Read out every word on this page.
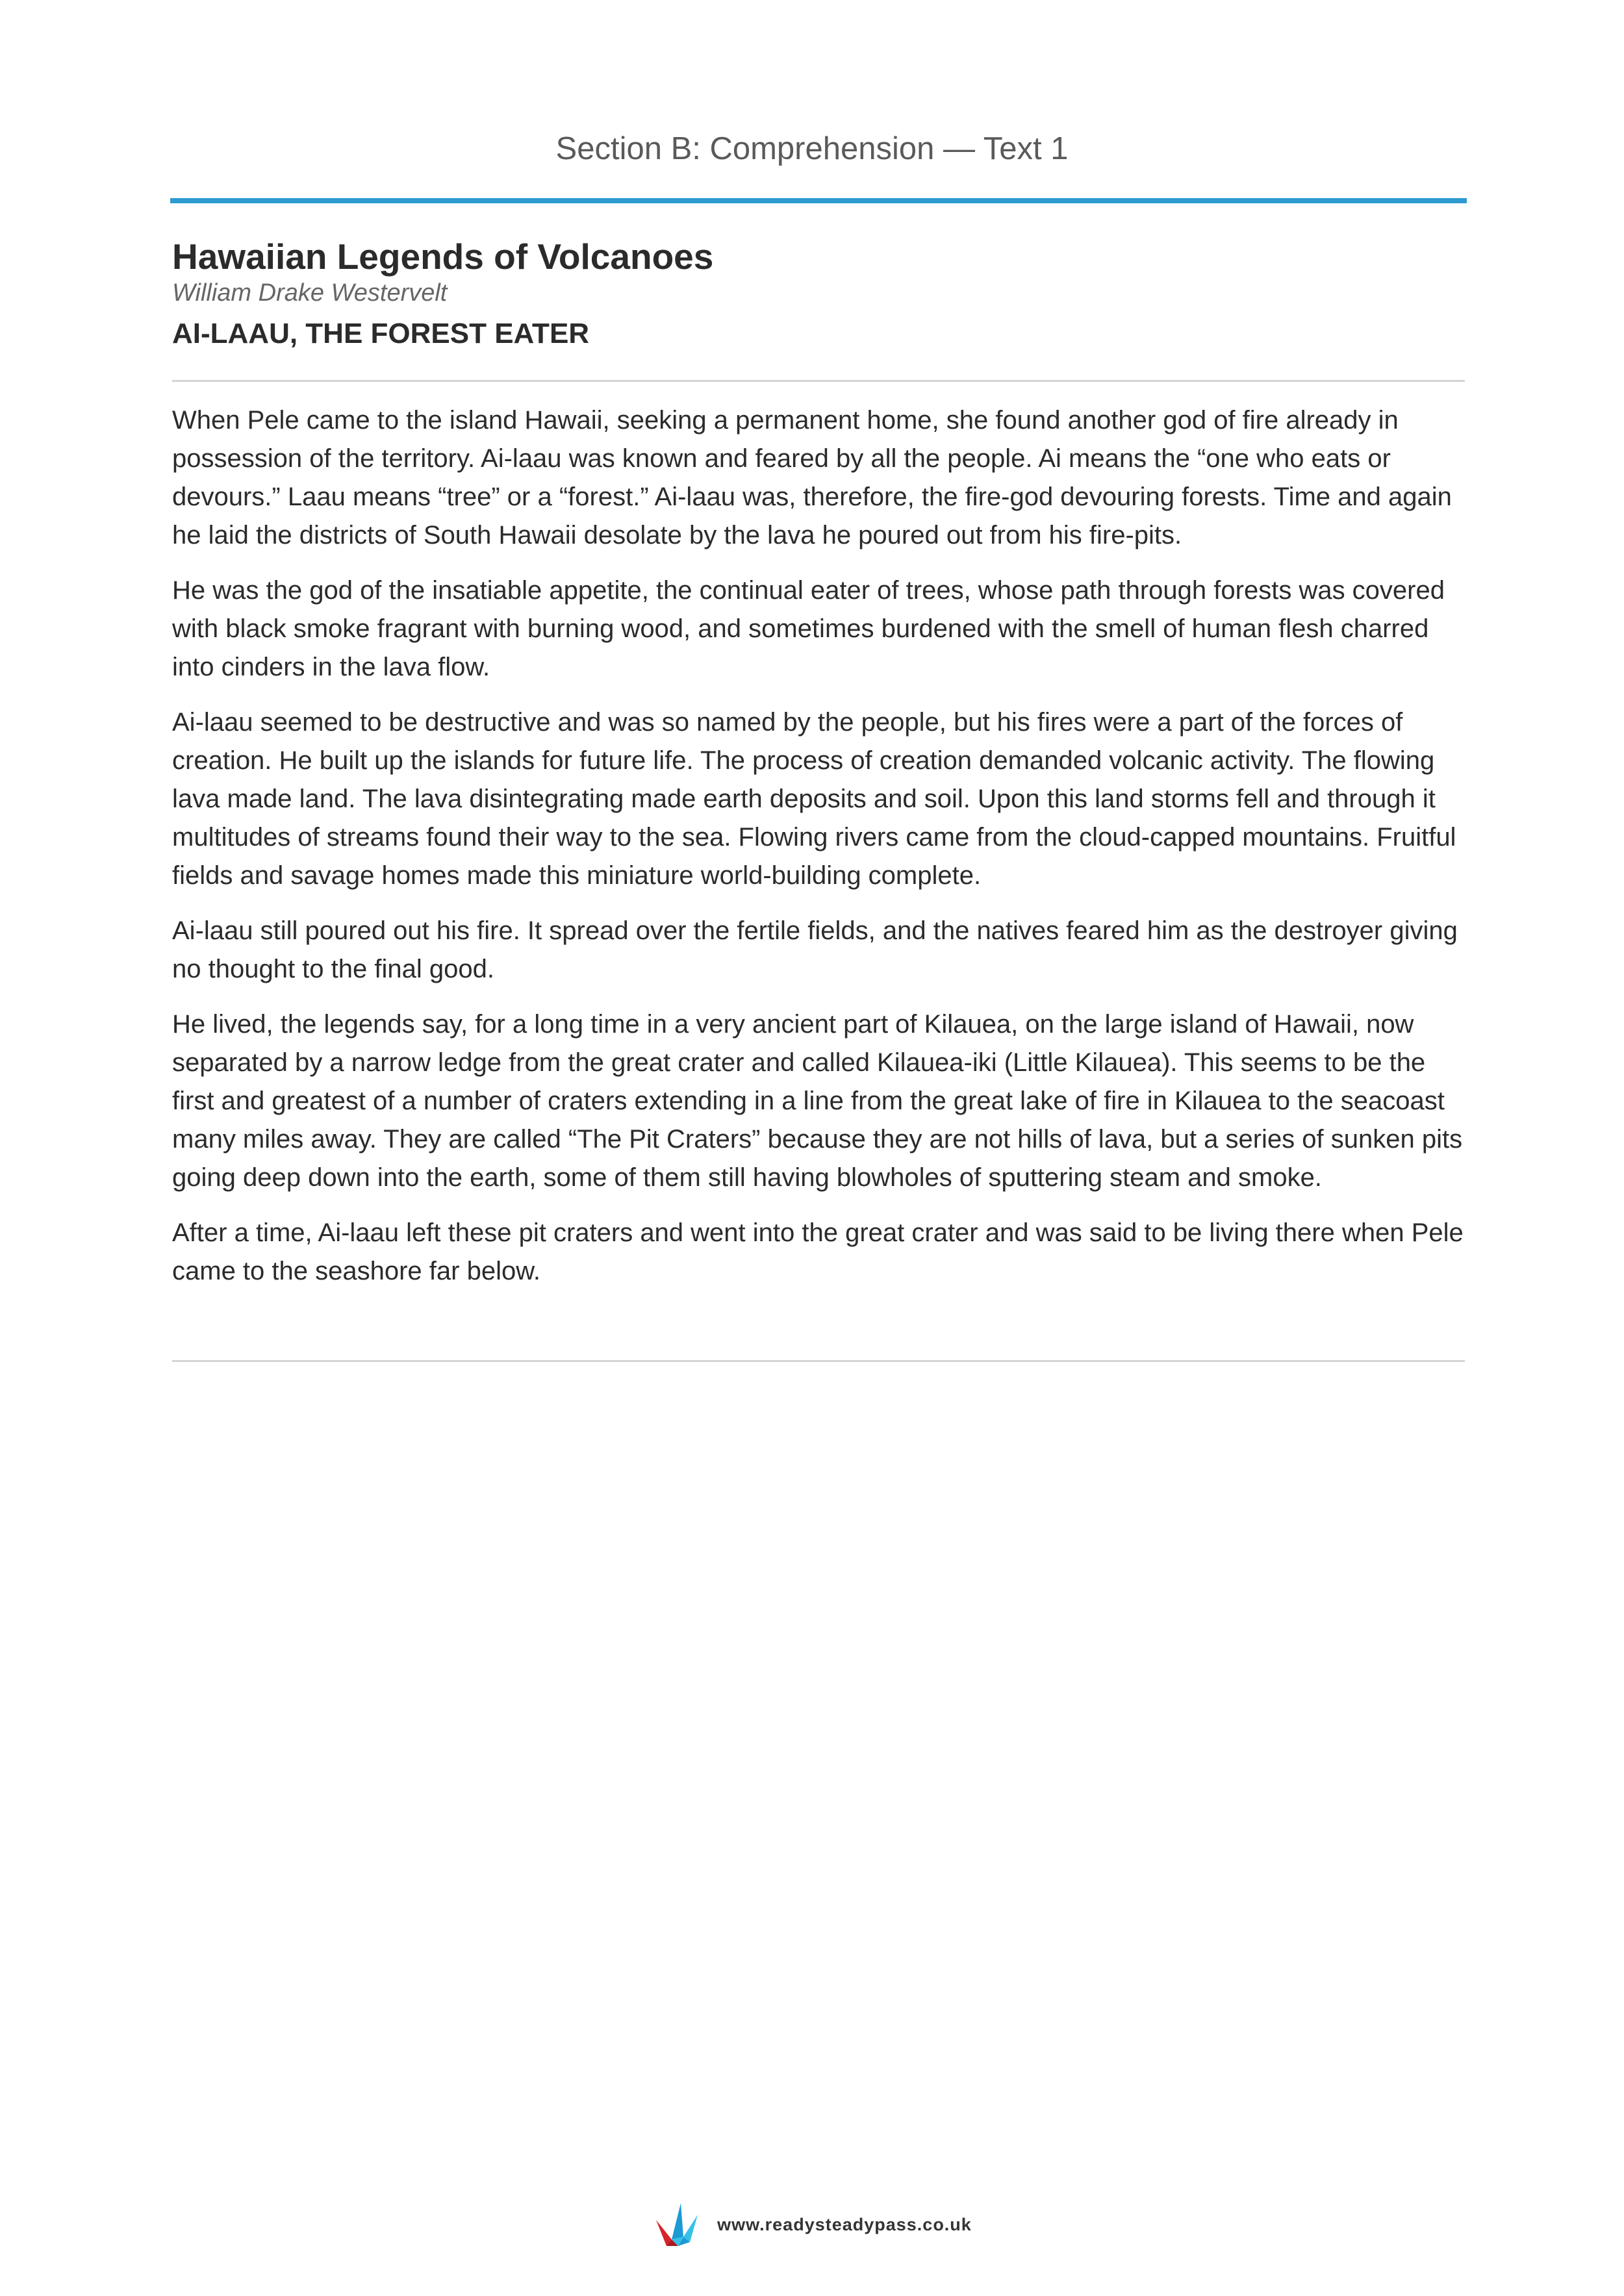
Section B: Comprehension — Text 1
Hawaiian Legends of Volcanoes
William Drake Westervelt
AI-LAAU, THE FOREST EATER

When Pele came to the island Hawaii, seeking a permanent home, she found another god of fire already in possession of the territory. Ai-laau was known and feared by all the people. Ai means the “one who eats or devours.” Laau means “tree” or a “forest.” Ai-laau was, therefore, the fire-god devouring forests. Time and again he laid the districts of South Hawaii desolate by the lava he poured out from his fire-pits.

He was the god of the insatiable appetite, the continual eater of trees, whose path through forests was covered with black smoke fragrant with burning wood, and sometimes burdened with the smell of human flesh charred into cinders in the lava flow.

Ai-laau seemed to be destructive and was so named by the people, but his fires were a part of the forces of creation. He built up the islands for future life. The process of creation demanded volcanic activity. The flowing lava made land. The lava disintegrating made earth deposits and soil. Upon this land storms fell and through it multitudes of streams found their way to the sea. Flowing rivers came from the cloud-capped mountains. Fruitful fields and savage homes made this miniature world-building complete.

Ai-laau still poured out his fire. It spread over the fertile fields, and the natives feared him as the destroyer giving no thought to the final good.

He lived, the legends say, for a long time in a very ancient part of Kilauea, on the large island of Hawaii, now separated by a narrow ledge from the great crater and called Kilauea-iki (Little Kilauea). This seems to be the first and greatest of a number of craters extending in a line from the great lake of fire in Kilauea to the seacoast many miles away. They are called “The Pit Craters” because they are not hills of lava, but a series of sunken pits going deep down into the earth, some of them still having blowholes of sputtering steam and smoke.

After a time, Ai-laau left these pit craters and went into the great crater and was said to be living there when Pele came to the seashore far below.

www.readysteadypass.co.uk
